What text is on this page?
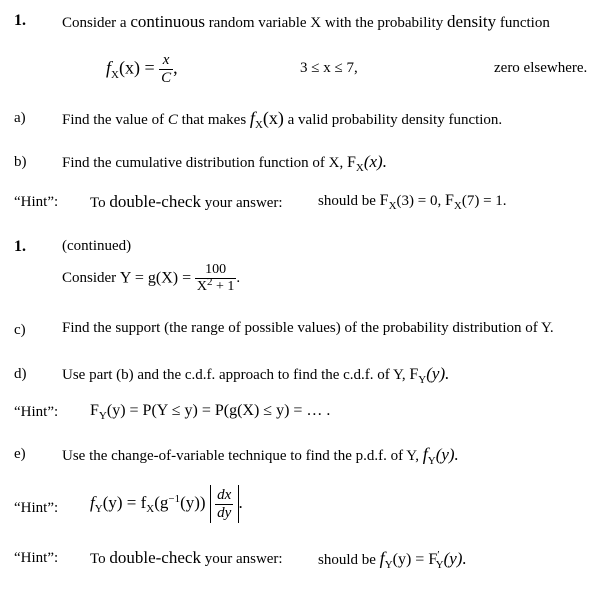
1. Consider a continuous random variable X with the probability density function
$f_X(x) = \frac{x}{C}$ ,	3 ≤ x ≤ 7,	zero elsewhere.
a) Find the value of C that makes $f_X(x)$ a valid probability density function.
b) Find the cumulative distribution function of X, $F_X(x)$.
“Hint”: To double-check your answer: should be $F_X(3) = 0$, $F_X(7) = 1$.
1. (continued)
Consider $Y = g(X) = \frac{100}{X^2 + 1}$ .
c) Find the support (the range of possible values) of the probability distribution of Y.
d) Use part (b) and the c.d.f. approach to find the c.d.f. of Y, $F_Y(y)$.
“Hint”: $F_Y(y) = P(Y \le y) = P(g(X) \le y)$ = … .
e) Use the change-of-variable technique to find the p.d.f. of Y, $f_Y(y)$.
“Hint”: $f_Y(y) = f_X(g^{-1}(y)) \frac{dx}{dy}$ .
“Hint”: To double-check your answer: should be $f_Y(y) = F'_Y(y)$.
